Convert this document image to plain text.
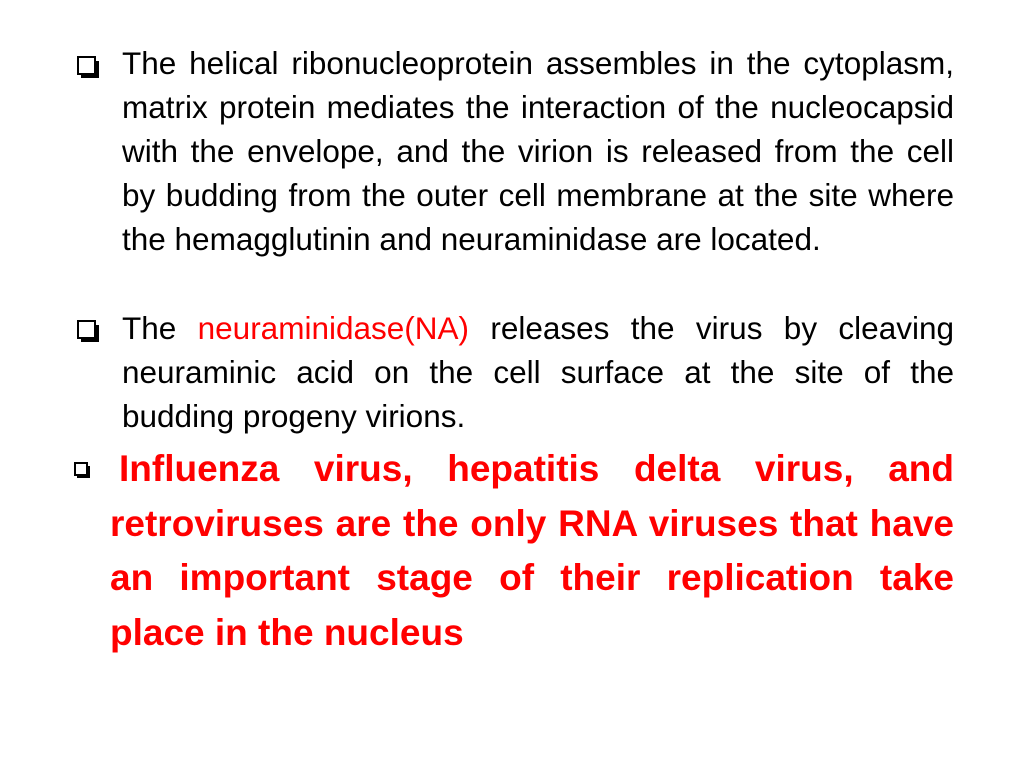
The helical ribonucleoprotein assembles in the cytoplasm, matrix protein mediates the interaction of the nucleocapsid with the envelope, and the virion is released from the cell by budding from the outer cell membrane at the site where the hemagglutinin and neuraminidase are located.

The neuraminidase(NA) releases the virus by cleaving neuraminic acid on the cell surface at the site of the budding progeny virions.

Influenza virus, hepatitis delta virus, and retroviruses are the only RNA viruses that have an important stage of their replication take place in the nucleus
